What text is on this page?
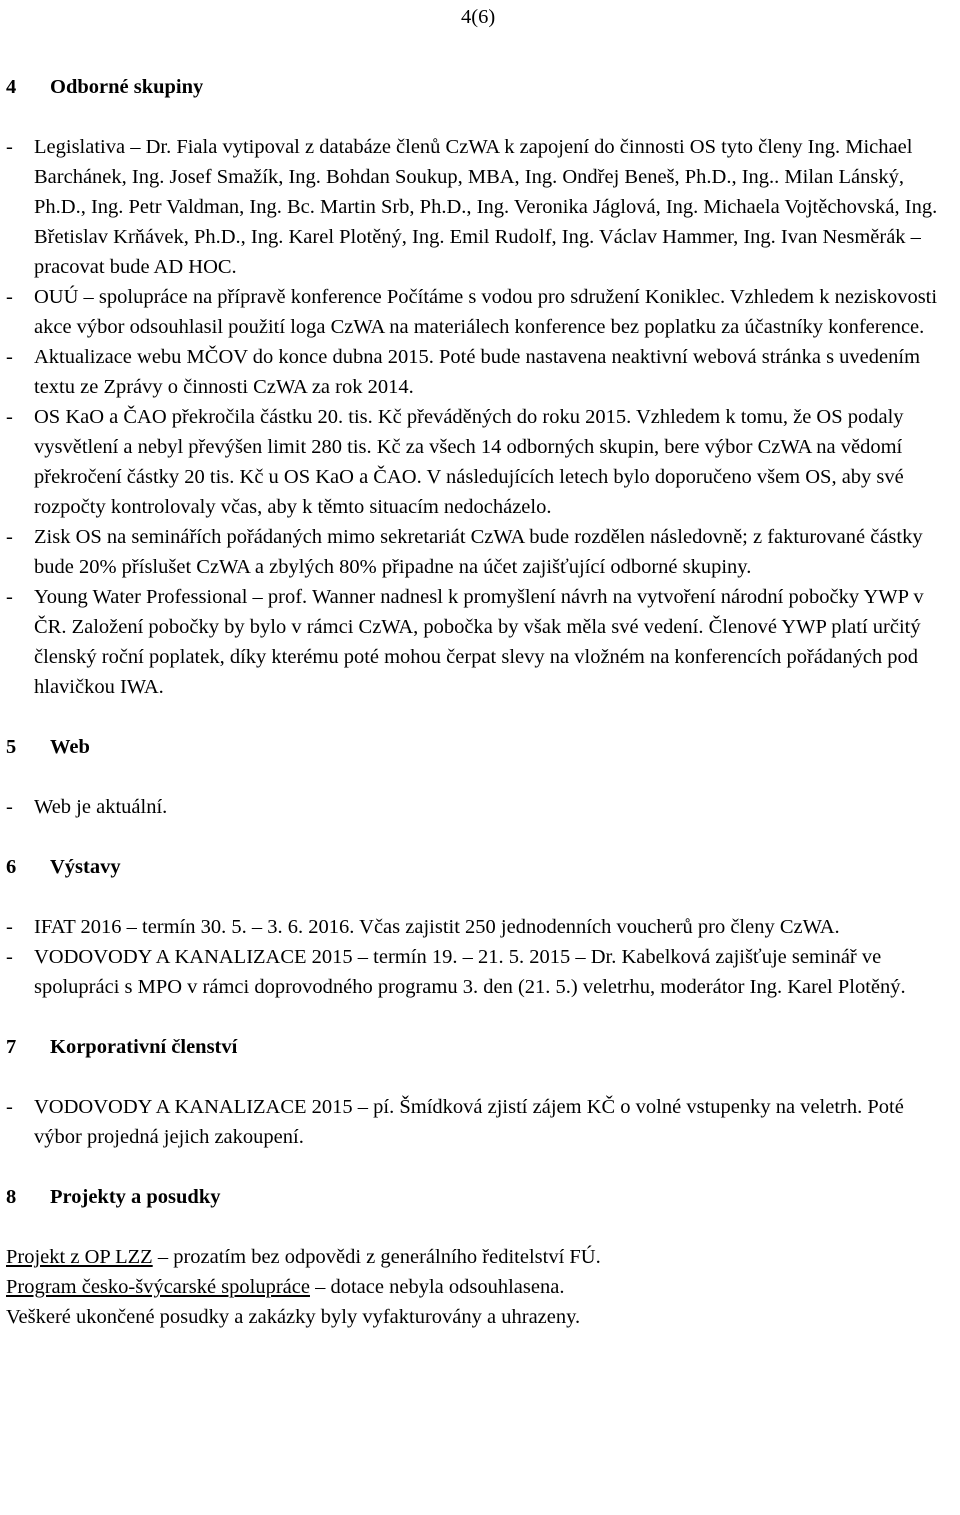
4(6)
4	Odborné skupiny
- Legislativa – Dr. Fiala vytipoval z databáze členů CzWA k zapojení do činnosti OS tyto členy Ing. Michael Barchánek, Ing. Josef Smažík, Ing. Bohdan Soukup, MBA, Ing. Ondřej Beneš, Ph.D., Ing.. Milan Lánský, Ph.D., Ing. Petr Valdman, Ing. Bc. Martin Srb, Ph.D., Ing. Veronika Jáglová, Ing. Michaela Vojtěchovská, Ing. Břetislav Krňávek, Ph.D., Ing. Karel Plotěný, Ing. Emil Rudolf, Ing. Václav Hammer, Ing. Ivan Nesměrák – pracovat bude AD HOC.
- OUÚ – spolupráce na přípravě konference Počítáme s vodou pro sdružení Koniklec. Vzhledem k neziskovosti akce výbor odsouhlasil použití loga CzWA na materiálech konference bez poplatku za účastníky konference.
- Aktualizace webu MČOV do konce dubna 2015. Poté bude nastavena neaktivní webová stránka s uvedením textu ze Zprávy o činnosti CzWA za rok 2014.
- OS KaO a ČAO překročila částku 20. tis. Kč převáděných do roku 2015. Vzhledem k tomu, že OS podaly vysvětlení a nebyl převýšen limit 280 tis. Kč za všech 14 odborných skupin, bere výbor CzWA na vědomí překročení částky 20 tis. Kč u OS KaO a ČAO. V následujících letech bylo doporučeno všem OS, aby své rozpočty kontrolovaly včas, aby k těmto situacím nedocházelo.
- Zisk OS na seminářích pořádaných mimo sekretariát CzWA bude rozdělen následovně; z fakturované částky bude 20% příslušet CzWA a zbylých 80% připadne na účet zajišťující odborné skupiny.
- Young Water Professional – prof. Wanner nadnesl k promyšlení návrh na vytvoření národní pobočky YWP v ČR. Založení pobočky by bylo v rámci CzWA, pobočka by však měla své vedení. Členové YWP platí určitý členský roční poplatek, díky kterému poté mohou čerpat slevy na vložném na konferencích pořádaných pod hlavičkou IWA.
5	Web
- Web je aktuální.
6	Výstavy
- IFAT 2016 – termín 30. 5. – 3. 6. 2016. Včas zajistit 250 jednodenních voucherů pro členy CzWA.
- VODOVODY A KANALIZACE 2015 – termín 19. – 21. 5. 2015 – Dr. Kabelková zajišťuje seminář ve spolupráci s MPO v rámci doprovodného programu 3. den (21. 5.) veletrhu, moderátor Ing. Karel Plotěný.
7	Korporativní členství
- VODOVODY A KANALIZACE 2015 – pí. Šmídková zjistí zájem KČ o volné vstupenky na veletrh. Poté výbor projedná jejich zakoupení.
8	Projekty a posudky

Projekt z OP LZZ – prozatím bez odpovědi z generálního ředitelství FÚ.

Program česko-švýcarské spolupráce – dotace nebyla odsouhlasena.

Veškeré ukončené posudky a zakázky byly vyfakturovány a uhrazeny.
